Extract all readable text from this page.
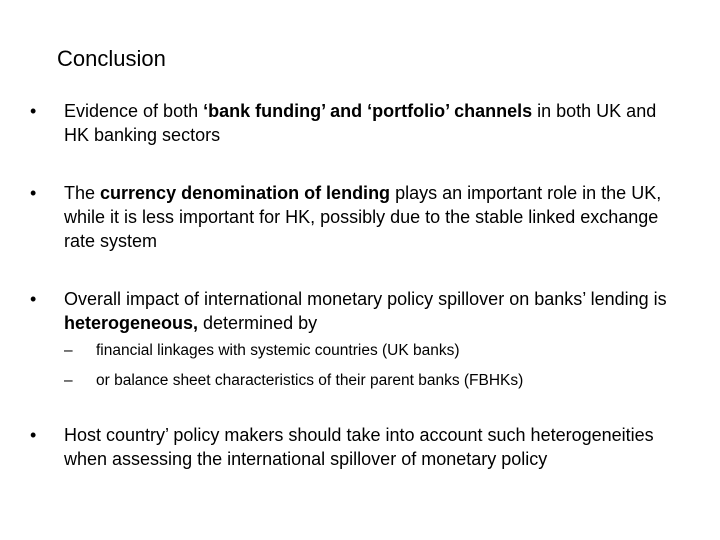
Conclusion
•	Evidence of both ‘bank funding’ and ‘portfolio’ channels in both UK and HK banking sectors
•	The currency denomination of lending plays an important role in the UK, while it is less important for HK, possibly due to the stable linked exchange rate system
•	Overall impact of international monetary policy spillover on banks’ lending is heterogeneous, determined by
– financial linkages with systemic countries (UK banks)
– or balance sheet characteristics of their parent banks (FBHKs)
•	Host country’ policy makers should take into account such heterogeneities when assessing the international spillover of monetary policy
